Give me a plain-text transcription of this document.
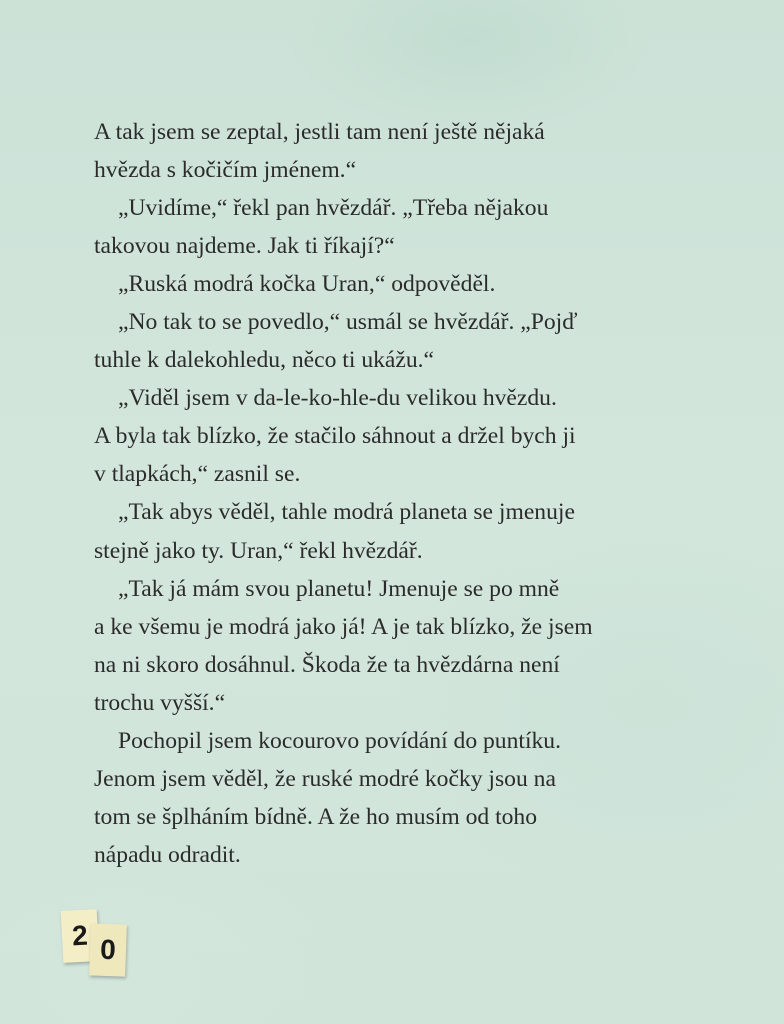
A tak jsem se zeptal, jestli tam není ještě nějaká
hvězda s kočičím jménem.“
„Uvidíme,“ řekl pan hvězdář. „Třeba nějakou
takovou najdeme. Jak ti říkají?“
„Ruská modrá kočka Uran,“ odpověděl.
„No tak to se povedlo,“ usmál se hvězdář. „Pojď
tuhle k dalekohledu, něco ti ukážu.“
„Viděl jsem v da-le-ko-hle-du velikou hvězdu.
A byla tak blízko, že stačilo sáhnout a držel bych ji
v tlapkách,“ zasnil se.
„Tak abys věděl, tahle modrá planeta se jmenuje
stejně jako ty. Uran,“ řekl hvězdář.
„Tak já mám svou planetu! Jmenuje se po mně
a ke všemu je modrá jako já! A je tak blízko, že jsem
na ni skoro dosáhnul. Škoda že ta hvězdárna není
trochu vyšší.“
Pochopil jsem kocourovo povídání do puntíku.
Jenom jsem věděl, že ruské modré kočky jsou na
tom se šplháním bídně. A že ho musím od toho
nápadu odradit.
2 0
